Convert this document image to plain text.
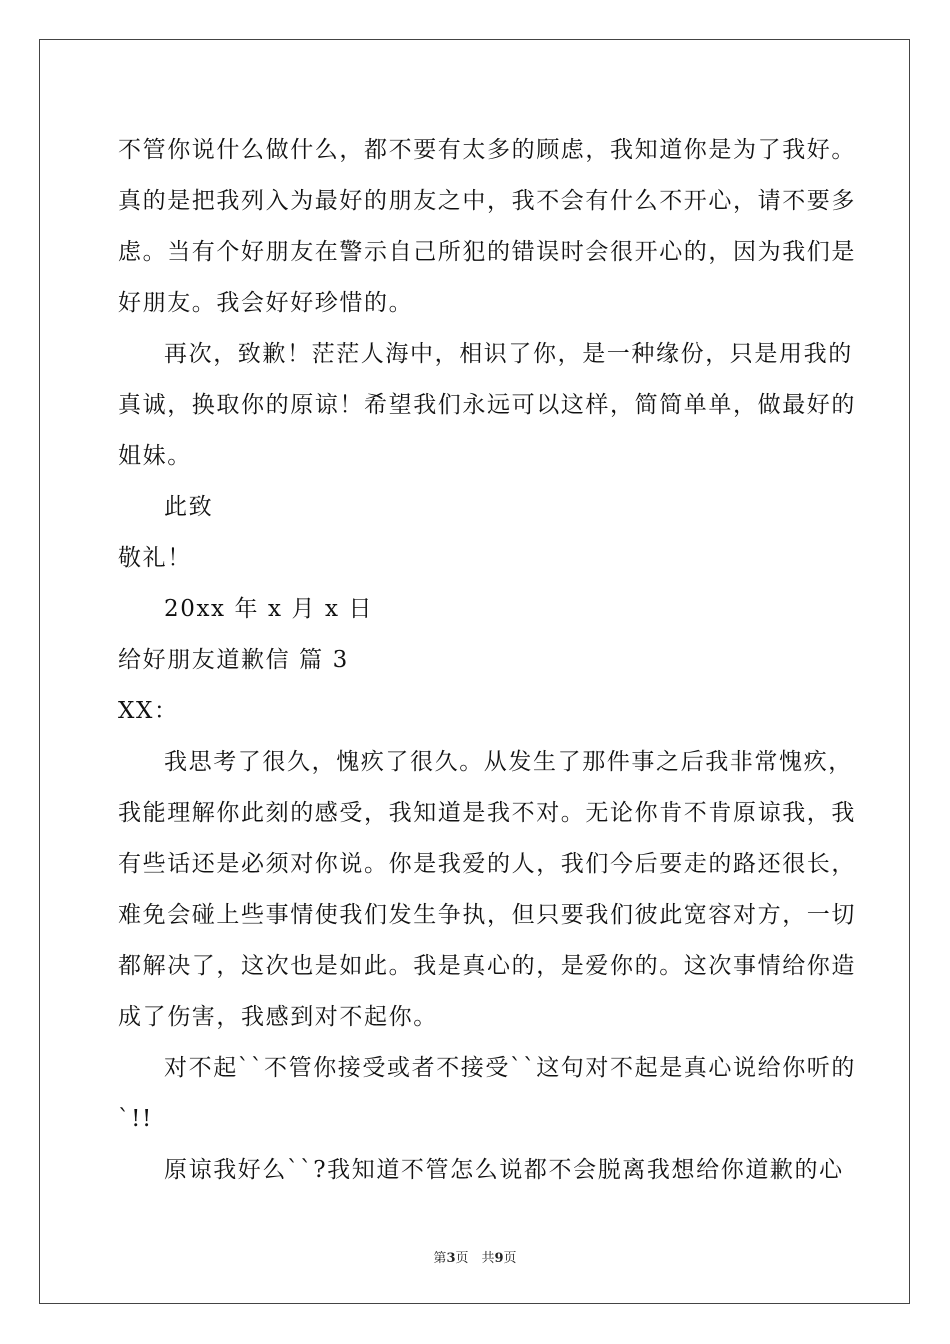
不管你说什么做什么，都不要有太多的顾虑，我知道你是为了我好。
真的是把我列入为最好的朋友之中，我不会有什么不开心，请不要多
虑。当有个好朋友在警示自己所犯的错误时会很开心的，因为我们是
好朋友。我会好好珍惜的。
再次，致歉！茫茫人海中，相识了你，是一种缘份，只是用我的
真诚，换取你的原谅！希望我们永远可以这样，简简单单，做最好的
姐妹。
此致
敬礼！
20xx 年 x 月 x 日
给好朋友道歉信 篇 3
XX：
我思考了很久，愧疚了很久。从发生了那件事之后我非常愧疚，
我能理解你此刻的感受，我知道是我不对。无论你肯不肯原谅我，我
有些话还是必须对你说。你是我爱的人，我们今后要走的路还很长，
难免会碰上些事情使我们发生争执，但只要我们彼此宽容对方，一切
都解决了，这次也是如此。我是真心的，是爱你的。这次事情给你造
成了伤害，我感到对不起你。
对不起``不管你接受或者不接受``这句对不起是真心说给你听的
`!!
原谅我好么``?我知道不管怎么说都不会脱离我想给你道歉的心
第3页　共9页
